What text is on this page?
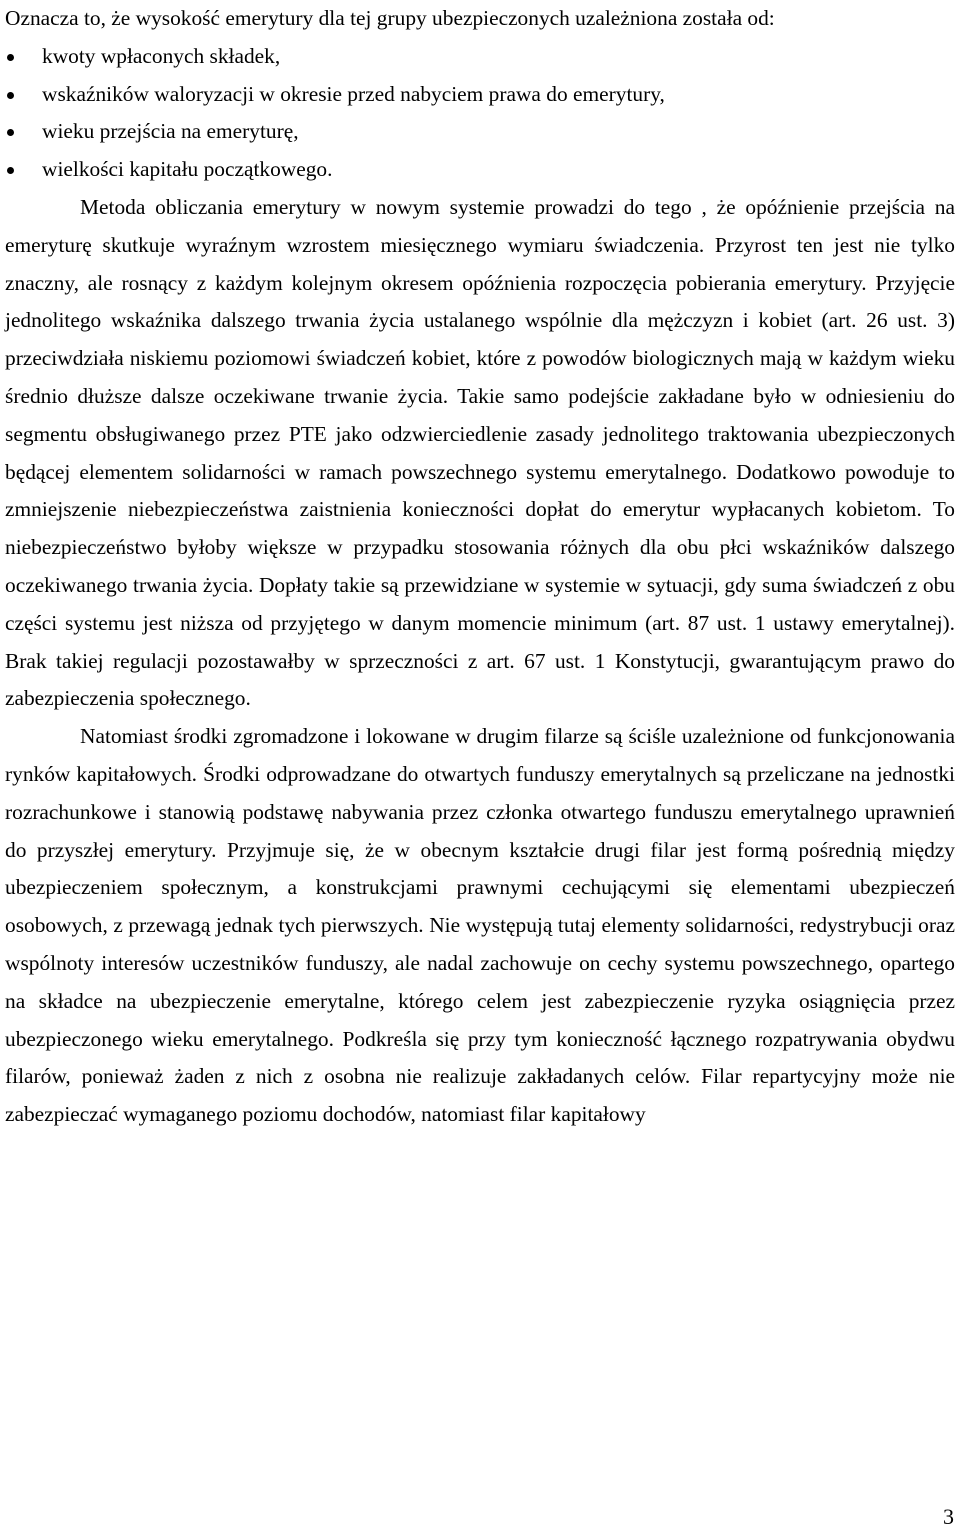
Oznacza to, że wysokość emerytury dla tej grupy ubezpieczonych uzależniona została od:

kwoty wpłaconych składek,
wskaźników waloryzacji w okresie przed nabyciem prawa do emerytury,
wieku przejścia na emeryturę,
wielkości kapitału początkowego.

Metoda obliczania emerytury w nowym systemie prowadzi do tego , że opóźnienie przejścia na emeryturę skutkuje wyraźnym wzrostem miesięcznego wymiaru świadczenia. Przyrost ten jest nie tylko znaczny, ale rosnący z każdym kolejnym okresem opóźnienia rozpoczęcia pobierania emerytury. Przyjęcie jednolitego wskaźnika dalszego trwania życia ustalanego wspólnie dla mężczyzn i kobiet (art. 26 ust. 3) przeciwdziała niskiemu poziomowi świadczeń kobiet, które z powodów biologicznych mają w każdym wieku średnio dłuższe dalsze oczekiwane trwanie życia. Takie samo podejście zakładane było w odniesieniu do segmentu obsługiwanego przez PTE jako odzwierciedlenie zasady jednolitego traktowania ubezpieczonych będącej elementem solidarności w ramach powszechnego systemu emerytalnego. Dodatkowo powoduje to zmniejszenie niebezpieczeństwa zaistnienia konieczności dopłat do emerytur wypłacanych kobietom. To niebezpieczeństwo byłoby większe w przypadku stosowania różnych dla obu płci wskaźników dalszego oczekiwanego trwania życia. Dopłaty takie są przewidziane w systemie w sytuacji, gdy suma świadczeń z obu części systemu jest niższa od przyjętego w danym momencie minimum (art. 87 ust. 1 ustawy emerytalnej). Brak takiej regulacji pozostawałby w sprzeczności z art. 67 ust. 1 Konstytucji, gwarantującym prawo do zabezpieczenia społecznego.

Natomiast środki zgromadzone i lokowane w drugim filarze są ściśle uzależnione od funkcjonowania rynków kapitałowych. Środki odprowadzane do otwartych funduszy emerytalnych są przeliczane na jednostki rozrachunkowe i stanowią podstawę nabywania przez członka otwartego funduszu emerytalnego uprawnień do przyszłej emerytury. Przyjmuje się, że w obecnym kształcie drugi filar jest formą pośrednią między ubezpieczeniem społecznym, a konstrukcjami prawnymi cechującymi się elementami ubezpieczeń osobowych, z przewagą jednak tych pierwszych. Nie występują tutaj elementy solidarności, redystrybucji oraz wspólnoty interesów uczestników funduszy, ale nadal zachowuje on cechy systemu powszechnego, opartego na składce na ubezpieczenie emerytalne, którego celem jest zabezpieczenie ryzyka osiągnięcia przez ubezpieczonego wieku emerytalnego. Podkreśla się przy tym konieczność łącznego rozpatrywania obydwu filarów, ponieważ żaden z nich z osobna nie realizuje zakładanych celów. Filar repartycyjny może nie zabezpieczać wymaganego poziomu dochodów, natomiast filar kapitałowy

3
